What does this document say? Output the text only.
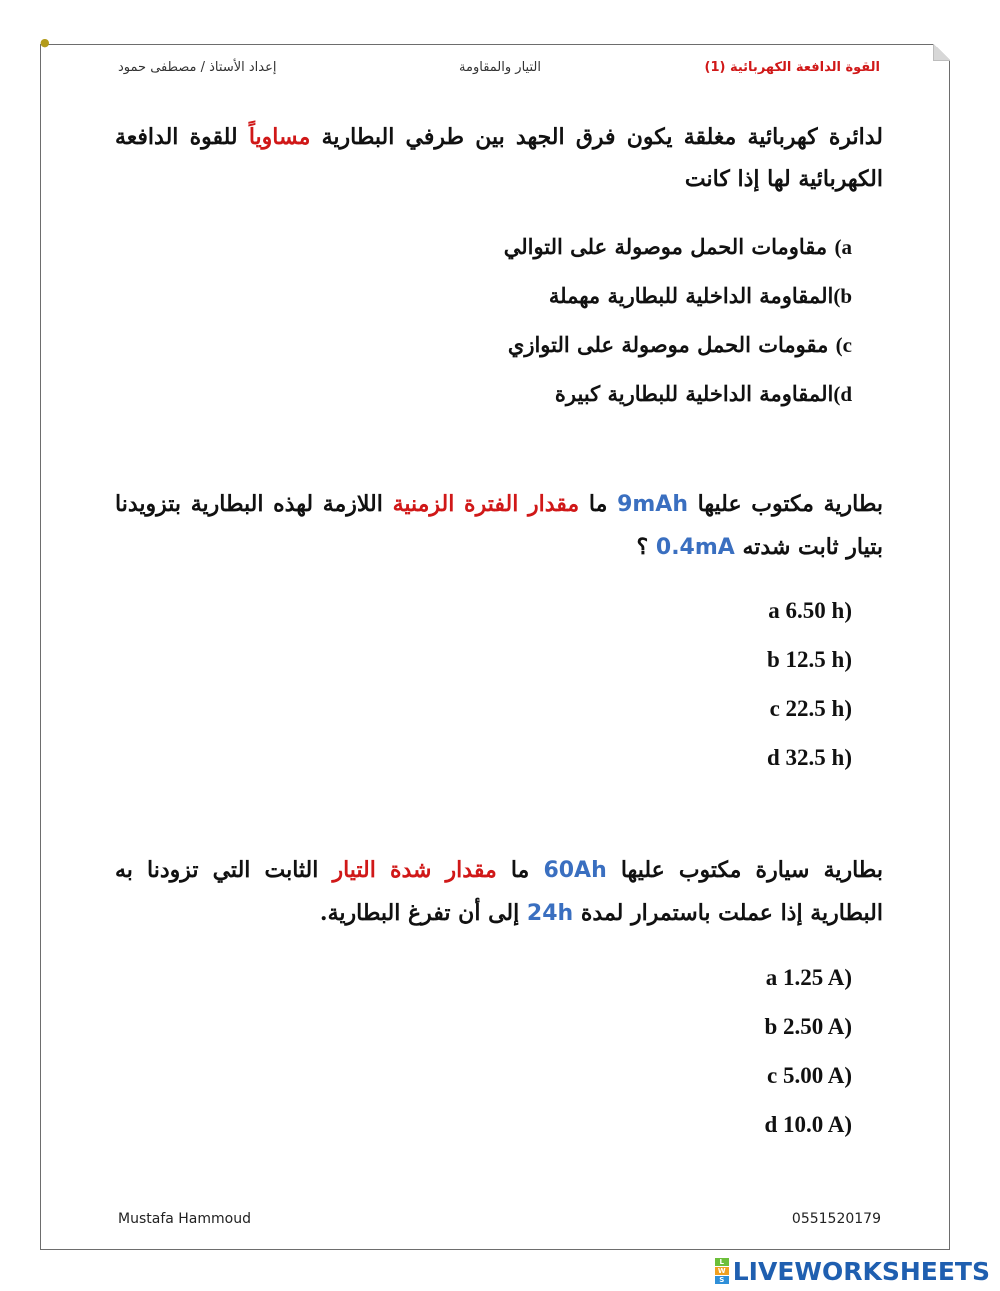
●
القوة الدافعة الكهربائية (1)
التيار والمقاومة
إعداد الأستاذ / مصطفى حمود
لدائرة كهربائية مغلقة يكون فرق الجهد بين طرفي البطارية مساوياً للقوة الدافعة الكهربائية لها إذا كانت
a) مقاومات الحمل موصولة على التوالي
b)المقاومة الداخلية للبطارية مهملة
c) مقومات الحمل موصولة على التوازي
d)المقاومة الداخلية للبطارية كبيرة
بطارية مكتوب عليها 9mAh ما مقدار الفترة الزمنية اللازمة لهذه البطارية بتزويدنا بتيار ثابت شدته 0.4mA ؟
(a 6.50 h
(b 12.5 h
(c 22.5 h
(d 32.5 h
بطارية سيارة مكتوب عليها 60Ah ما مقدار شدة التيار الثابت التي تزودنا به البطارية إذا عملت باستمرار لمدة 24h إلى أن تفرغ البطارية.
(a 1.25 A
(b 2.50 A
(c 5.00 A
(d 10.0 A
Mustafa Hammoud	0551520179
L
W
S LIVEWORKSHEETS
